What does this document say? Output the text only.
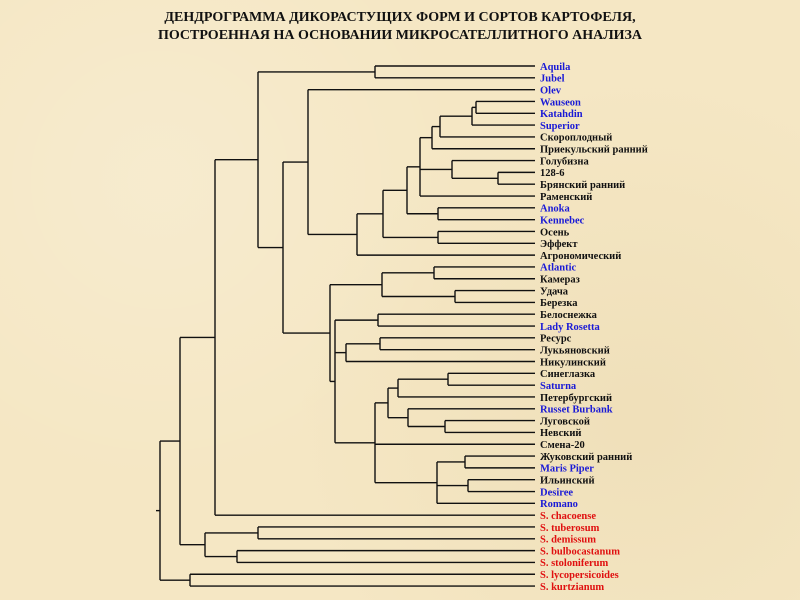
ДЕНДРОГРАММА ДИКОРАСТУЩИХ ФОРМ И СОРТОВ КАРТОФЕЛЯ,
ПОСТРОЕННАЯ НА ОСНОВАНИИ МИКРОСАТЕЛЛИТНОГО АНАЛИЗА
Aquila
Jubel
Olev
Wauseon
Katahdin
Superior
Скороплодный
Приекульский ранний
Голубизна
128-6
Брянский ранний
Раменский
Anoka
Kennebec
Осень
Эффект
Агрономический
Atlantic
Камераз
Удача
Березка
Белоснежка
Lady Rosetta
Ресурс
Лукьяновский
Никулинский
Синеглазка
Saturna
Петербургский
Russet Burbank
Луговской
Невский
Смена-20
Жуковский ранний
Maris Piper
Ильинский
Desiree
Romano
S. chacoense
S. tuberosum
S. demissum
S. bulbocastanum
S. stoloniferum
S. lycopersicoides
S. kurtzianum
